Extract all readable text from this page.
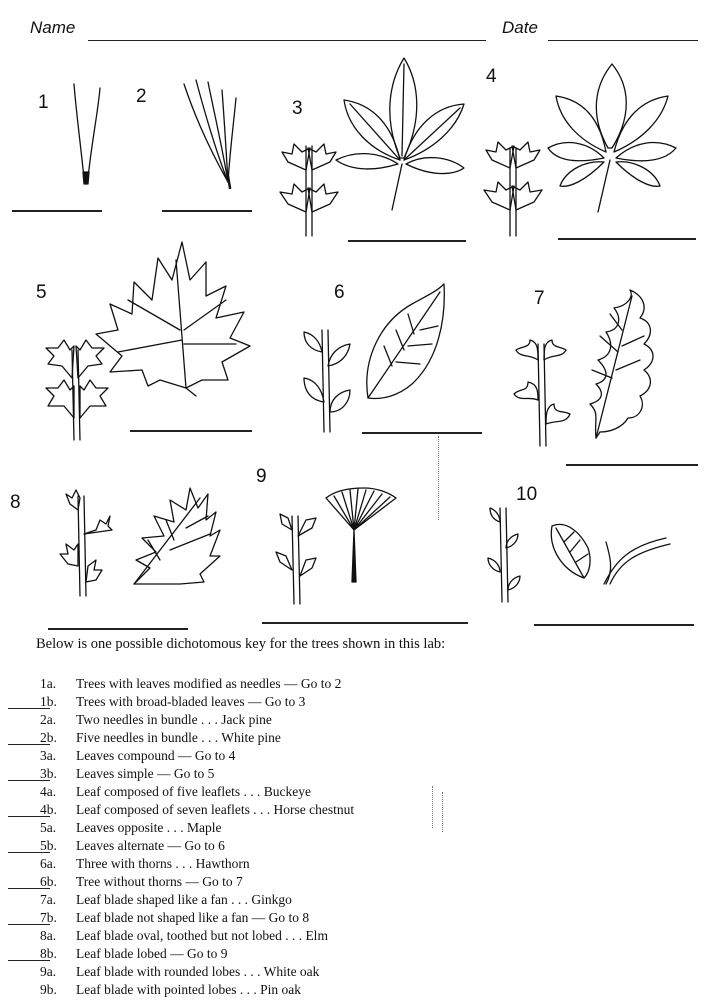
Name	Date
1	2
3
4
5	6	7
8
9
10
Below is one possible dichotomous key for the trees shown in this lab:
1a.	Trees with leaves modified as needles — Go to 2
1b.	Trees with broad-bladed leaves — Go to 3
2a.	Two needles in bundle . . . Jack pine
2b.	Five needles in bundle . . . White pine
3a.	Leaves compound — Go to 4
3b.	Leaves simple — Go to 5
4a.	Leaf composed of five leaflets . . . Buckeye
4b.	Leaf composed of seven leaflets . . . Horse chestnut
5a.	Leaves opposite . . . Maple
5b.	Leaves alternate — Go to 6
6a.	Three with thorns . . . Hawthorn
6b.	Tree without thorns — Go to 7
7a.	Leaf blade shaped like a fan . . . Ginkgo
7b.	Leaf blade not shaped like a fan — Go to 8
8a.	Leaf blade oval, toothed but not lobed . . . Elm
8b.	Leaf blade lobed — Go to 9
9a.	Leaf blade with rounded lobes . . . White oak
9b.	Leaf blade with pointed lobes . . . Pin oak
